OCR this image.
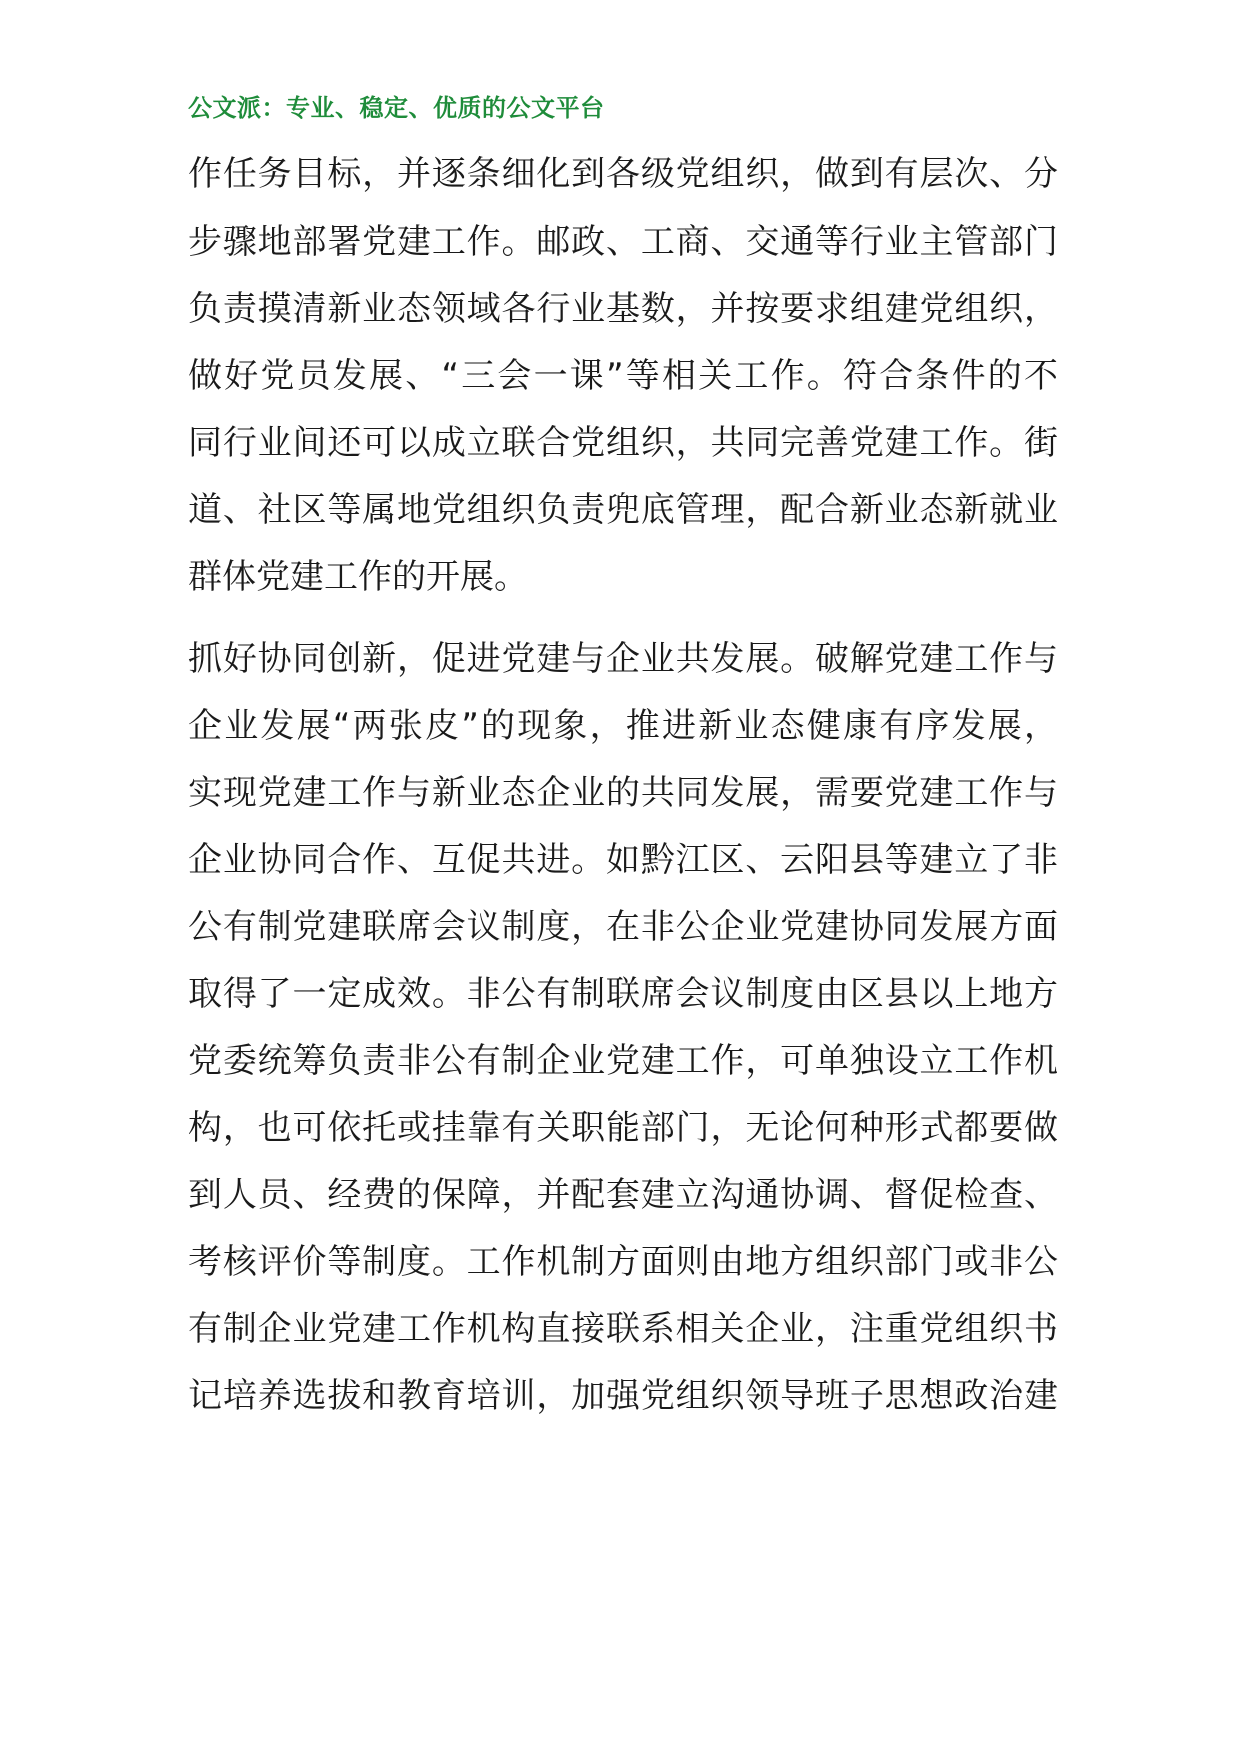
公文派：专业、稳定、优质的公文平台
作任务目标，并逐条细化到各级党组织，做到有层次、分
步骤地部署党建工作。邮政、工商、交通等行业主管部门
负责摸清新业态领域各行业基数，并按要求组建党组织，
做好党员发展、“三会一课”等相关工作。符合条件的不
同行业间还可以成立联合党组织，共同完善党建工作。街
道、社区等属地党组织负责兜底管理，配合新业态新就业
群体党建工作的开展。
抓好协同创新，促进党建与企业共发展。破解党建工作与
企业发展“两张皮”的现象，推进新业态健康有序发展，
实现党建工作与新业态企业的共同发展，需要党建工作与
企业协同合作、互促共进。如黔江区、云阳县等建立了非
公有制党建联席会议制度，在非公企业党建协同发展方面
取得了一定成效。非公有制联席会议制度由区县以上地方
党委统筹负责非公有制企业党建工作，可单独设立工作机
构，也可依托或挂靠有关职能部门，无论何种形式都要做
到人员、经费的保障，并配套建立沟通协调、督促检查、
考核评价等制度。工作机制方面则由地方组织部门或非公
有制企业党建工作机构直接联系相关企业，注重党组织书
记培养选拔和教育培训，加强党组织领导班子思想政治建
